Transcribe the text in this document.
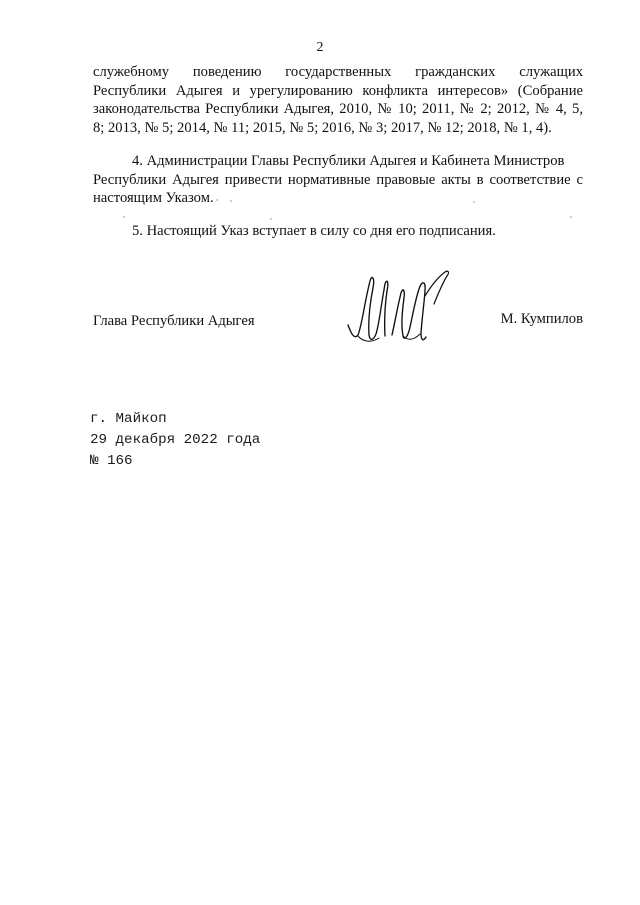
2
служебному поведению государственных гражданских служащих
Республики Адыгея и урегулированию конфликта интересов» (Собрание
законодательства Республики Адыгея, 2010, № 10; 2011, № 2; 2012, № 4, 5,
8; 2013, № 5; 2014, № 11; 2015, № 5; 2016, № 3; 2017, № 12; 2018, № 1, 4).
4. Администрации Главы Республики Адыгея и Кабинета Министров
Республики Адыгея привести нормативные правовые акты в соответствие с
настоящим Указом.
5. Настоящий Указ вступает в силу со дня его подписания.
Глава Республики Адыгея	М. Кумпилов
г. Майкоп
29 декабря 2022 года
№ 166
